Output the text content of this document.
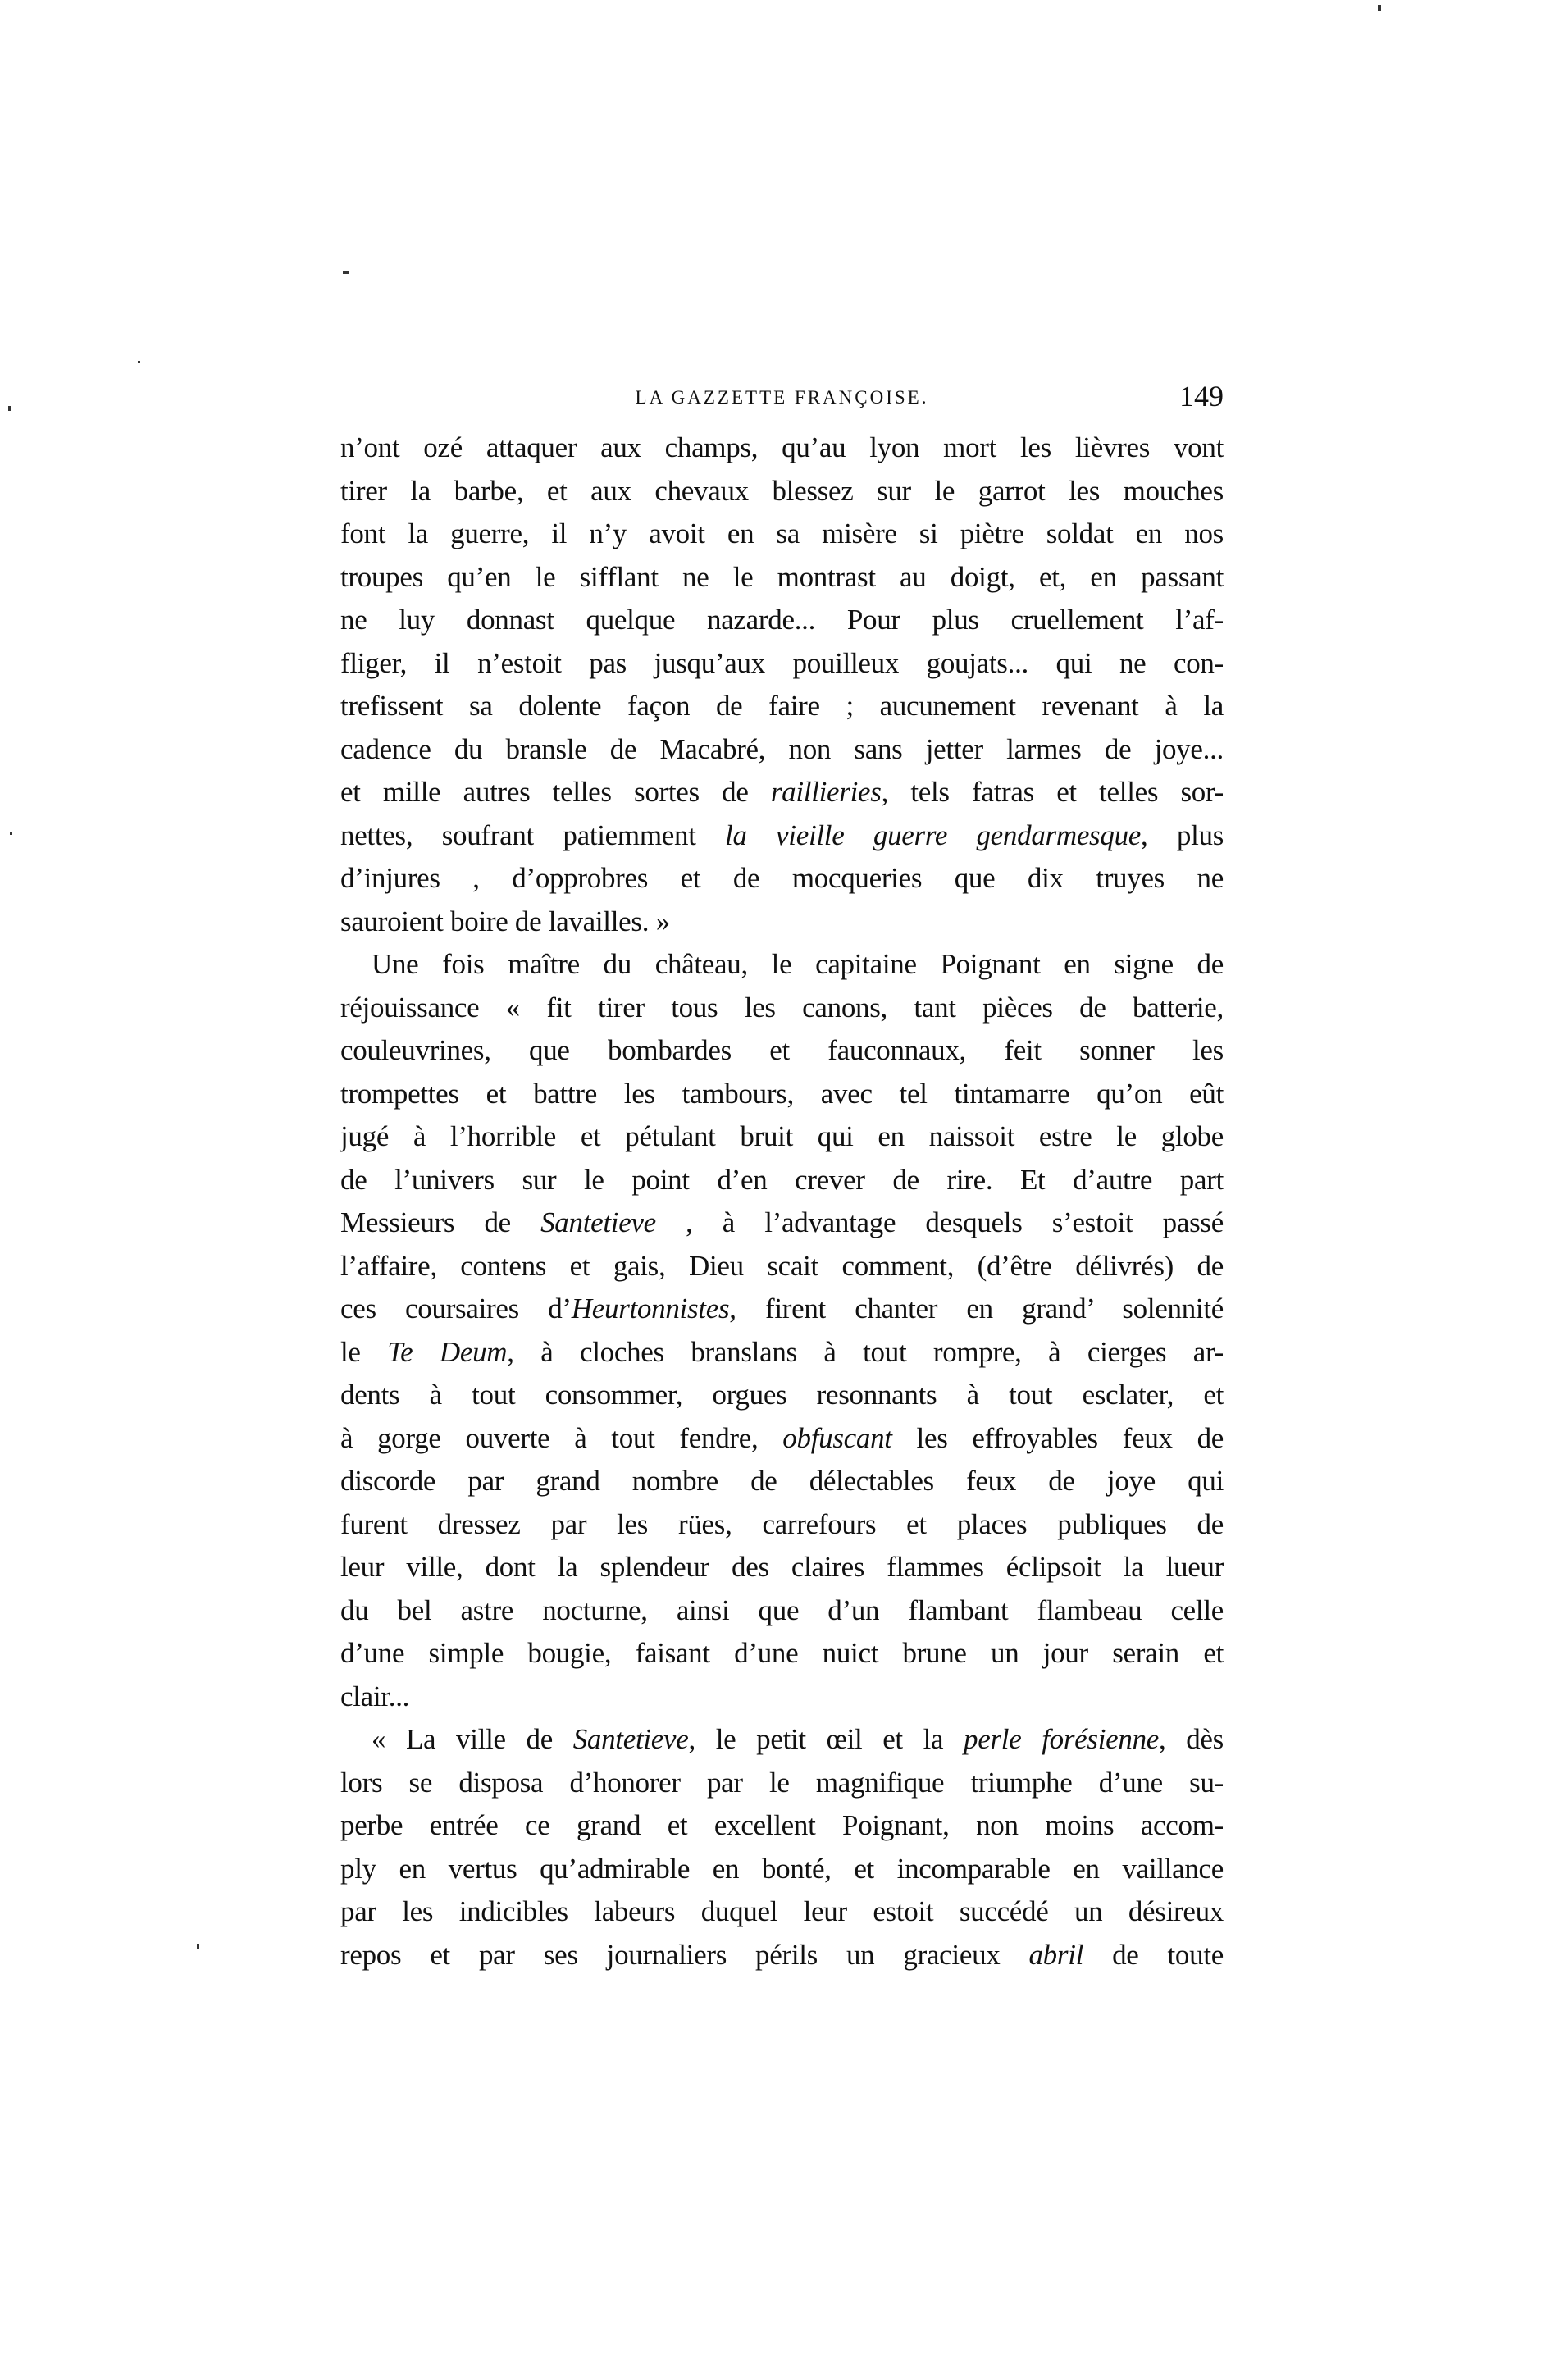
LA GAZZETTE FRANÇOISE.	149
n’ont ozé attaquer aux champs, qu’au lyon mort les lièvres vont
tirer la barbe, et aux chevaux blessez sur le garrot les mouches
font la guerre, il n’y avoit en sa misère si piètre soldat en nos
troupes qu’en le sifflant ne le montrast au doigt, et, en passant
ne luy donnast quelque nazarde... Pour plus cruellement l’af-
fliger, il n’estoit pas jusqu’aux pouilleux goujats... qui ne con-
trefissent sa dolente façon de faire ; aucunement revenant à la
cadence du bransle de Macabré, non sans jetter larmes de joye...
et mille autres telles sortes de raillieries, tels fatras et telles sor-
nettes, soufrant patiemment la vieille guerre gendarmesque, plus
d’injures , d’opprobres et de mocqueries que dix truyes ne
sauroient boire de lavailles. »
Une fois maître du château, le capitaine Poignant en signe de
réjouissance « fit tirer tous les canons, tant pièces de batterie,
couleuvrines, que bombardes et fauconnaux, feit sonner les
trompettes et battre les tambours, avec tel tintamarre qu’on eût
jugé à l’horrible et pétulant bruit qui en naissoit estre le globe
de l’univers sur le point d’en crever de rire. Et d’autre part
Messieurs de Santetieve , à l’advantage desquels s’estoit passé
l’affaire, contens et gais, Dieu scait comment, (d’être délivrés) de
ces coursaires d’Heurtonnistes, firent chanter en grand’ solennité
le Te Deum, à cloches branslans à tout rompre, à cierges ar-
dents à tout consommer, orgues resonnants à tout esclater, et
à gorge ouverte à tout fendre, obfuscant les effroyables feux de
discorde par grand nombre de délectables feux de joye qui
furent dressez par les rües, carrefours et places publiques de
leur ville, dont la splendeur des claires flammes éclipsoit la lueur
du bel astre nocturne, ainsi que d’un flambant flambeau celle
d’une simple bougie, faisant d’une nuict brune un jour serain et
clair...
« La ville de Santetieve, le petit œil et la perle forésienne, dès
lors se disposa d’honorer par le magnifique triumphe d’une su-
perbe entrée ce grand et excellent Poignant, non moins accom-
ply en vertus qu’admirable en bonté, et incomparable en vaillance
par les indicibles labeurs duquel leur estoit succédé un désireux
repos et par ses journaliers périls un gracieux abril de toute
